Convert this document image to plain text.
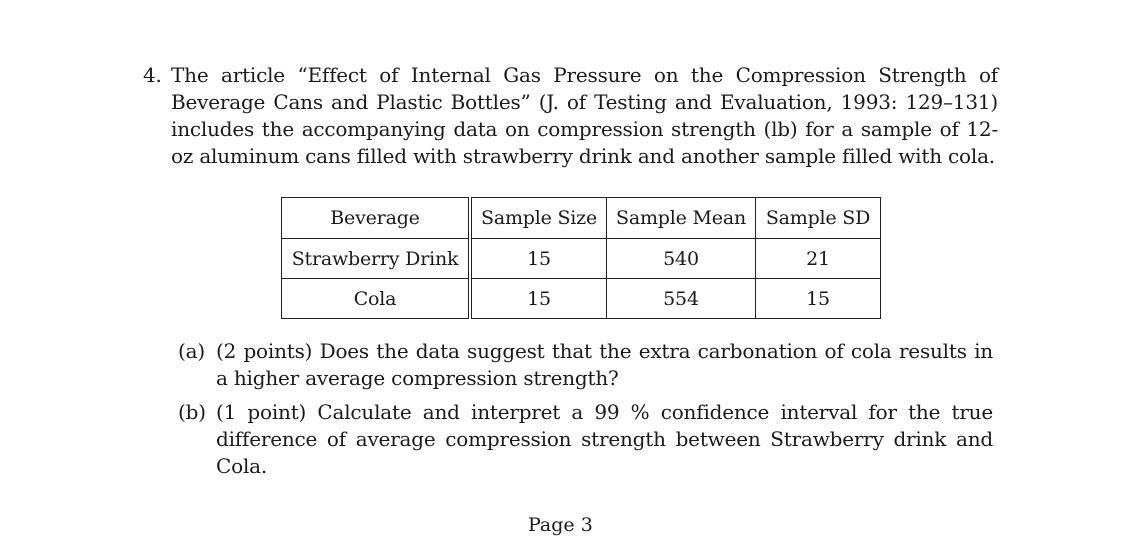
4. The article “Effect of Internal Gas Pressure on the Compression Strength of Beverage Cans and Plastic Bottles” (J. of Testing and Evaluation, 1993: 129–131) includes the accompanying data on compression strength (lb) for a sample of 12-oz aluminum cans filled with strawberry drink and another sample filled with cola.
Beverage	Sample Size	Sample Mean	Sample SD
Strawberry Drink	15	540	21
Cola	15	554	15
(a) (2 points) Does the data suggest that the extra carbonation of cola results in a higher average compression strength?
(b) (1 point) Calculate and interpret a 99 % confidence interval for the true difference of average compression strength between Strawberry drink and Cola.
Page 3
